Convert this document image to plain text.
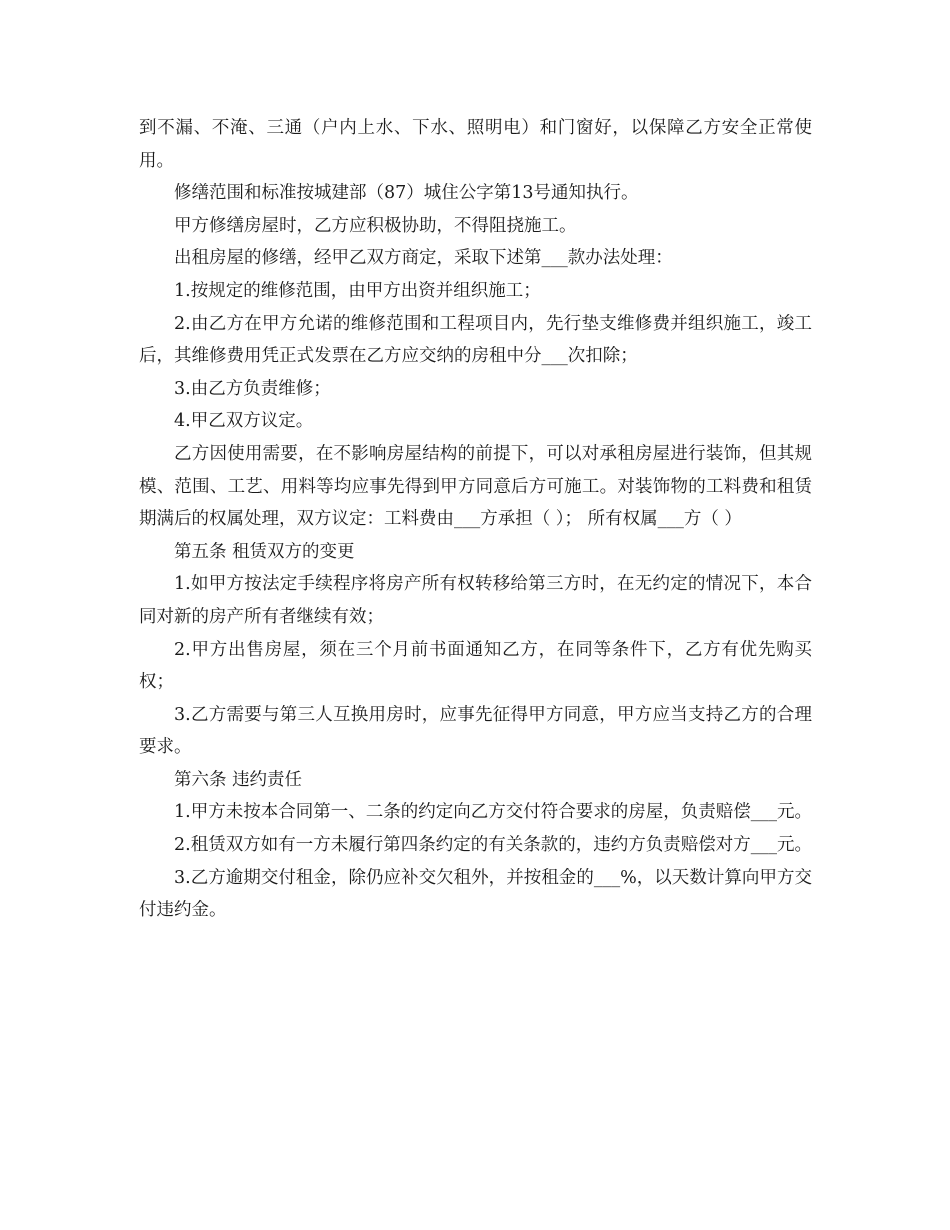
到不漏、不淹、三通（户内上水、下水、照明电）和门窗好，以保障乙方安全正常使用。

修缮范围和标准按城建部（87）城住公字第13号通知执行。

甲方修缮房屋时，乙方应积极协助，不得阻挠施工。

出租房屋的修缮，经甲乙双方商定，采取下述第___款办法处理：

1.按规定的维修范围，由甲方出资并组织施工；

2.由乙方在甲方允诺的维修范围和工程项目内，先行垫支维修费并组织施工，竣工后，其维修费用凭正式发票在乙方应交纳的房租中分___次扣除；

3.由乙方负责维修；

4.甲乙双方议定。

乙方因使用需要，在不影响房屋结构的前提下，可以对承租房屋进行装饰，但其规模、范围、工艺、用料等均应事先得到甲方同意后方可施工。对装饰物的工料费和租赁期满后的权属处理，双方议定：工料费由___方承担（ ）； 所有权属___方（ ）

第五条 租赁双方的变更

1.如甲方按法定手续程序将房产所有权转移给第三方时，在无约定的情况下，本合同对新的房产所有者继续有效；

2.甲方出售房屋，须在三个月前书面通知乙方，在同等条件下，乙方有优先购买权；

3.乙方需要与第三人互换用房时，应事先征得甲方同意，甲方应当支持乙方的合理要求。

第六条 违约责任

1.甲方未按本合同第一、二条的约定向乙方交付符合要求的房屋，负责赔偿___元。

2.租赁双方如有一方未履行第四条约定的有关条款的，违约方负责赔偿对方___元。

3.乙方逾期交付租金，除仍应补交欠租外，并按租金的___%，以天数计算向甲方交付违约金。
